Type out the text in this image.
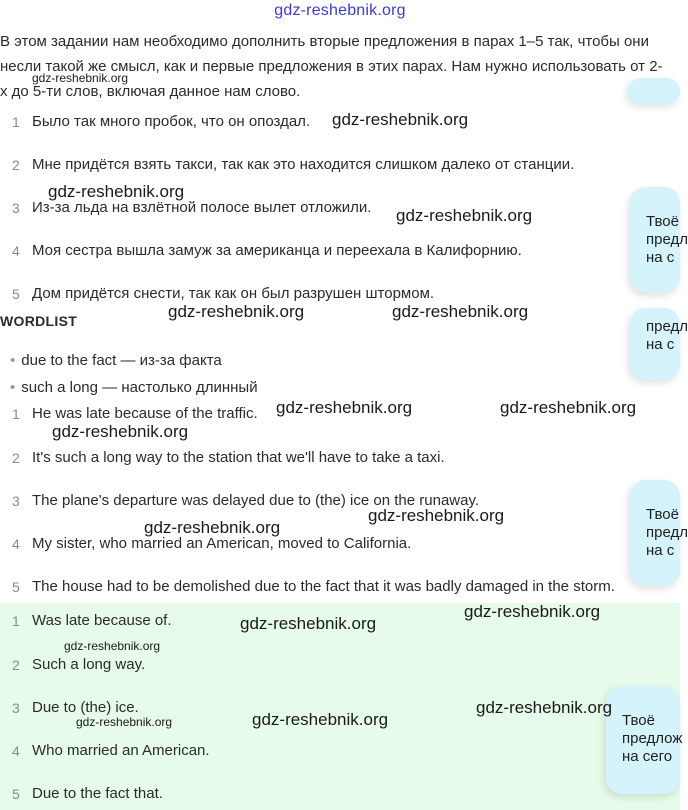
gdz-reshebnik.org
В этом задании нам необходимо дополнить вторые предложения в парах 1–5 так, чтобы они несли такой же смысл, как и первые предложения в этих парах. Нам нужно использовать от 2-х до 5-ти слов, включая данное нам слово.
1 Было так много пробок, что он опоздал.
2 Мне придётся взять такси, так как это находится слишком далеко от станции.
3 Из-за льда на взлётной полосе вылет отложили.
4 Моя сестра вышла замуж за американца и переехала в Калифорнию.
5 Дом придётся снести, так как он был разрушен штормом.
WORDLIST
• due to the fact — из-за факта
• such a long — настолько длинный
1 He was late because of the traffic.
2 It's such a long way to the station that we'll have to take a taxi.
3 The plane's departure was delayed due to (the) ice on the runaway.
4 My sister, who married an American, moved to California.
5 The house had to be demolished due to the fact that it was badly damaged in the storm.
1 Was late because of.
2 Such a long way.
3 Due to (the) ice.
4 Who married an American.
5 Due to the fact that.
Твоё
предл
на с
предл
на с
Твоё
предл
на с
Твоё
предлож
на сего
gdz-reshebnik.org
gdz-reshebnik.org
gdz-reshebnik.org
gdz-reshebnik.org
gdz-reshebnik.org	gdz-reshebnik.org
gdz-reshebnik.org	gdz-reshebnik.org
gdz-reshebnik.org
gdz-reshebnik.org
gdz-reshebnik.org
gdz-reshebnik.org
gdz-reshebnik.org
gdz-reshebnik.org
gdz-reshebnik.org
gdz-reshebnik.org
gdz-reshebnik.org
